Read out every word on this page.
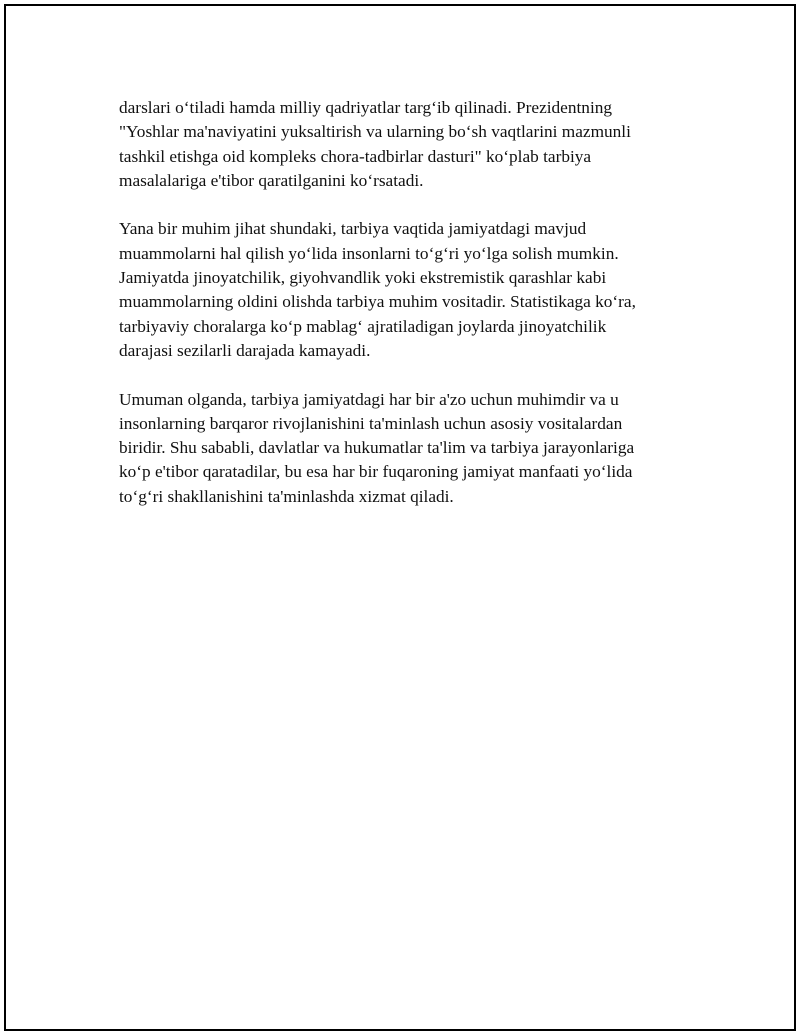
darslari o‘tiladi hamda milliy qadriyatlar targ‘ib qilinadi. Prezidentning
"Yoshlar ma'naviyatini yuksaltirish va ularning bo‘sh vaqtlarini mazmunli
tashkil etishga oid kompleks chora-tadbirlar dasturi" ko‘plab tarbiya
masalalariga e'tibor qaratilganini ko‘rsatadi.

Yana bir muhim jihat shundaki, tarbiya vaqtida jamiyatdagi mavjud
muammolarni hal qilish yo‘lida insonlarni to‘g‘ri yo‘lga solish mumkin.
Jamiyatda jinoyatchilik, giyohvandlik yoki ekstremistik qarashlar kabi
muammolarning oldini olishda tarbiya muhim vositadir. Statistikaga ko‘ra,
tarbiyaviy choralarga ko‘p mablag‘ ajratiladigan joylarda jinoyatchilik
darajasi sezilarli darajada kamayadi.

Umuman olganda, tarbiya jamiyatdagi har bir a'zo uchun muhimdir va u
insonlarning barqaror rivojlanishini ta'minlash uchun asosiy vositalardan
biridir. Shu sababli, davlatlar va hukumatlar ta'lim va tarbiya jarayonlariga
ko‘p e'tibor qaratadilar, bu esa har bir fuqaroning jamiyat manfaati yo‘lida
to‘g‘ri shakllanishini ta'minlashda xizmat qiladi.
